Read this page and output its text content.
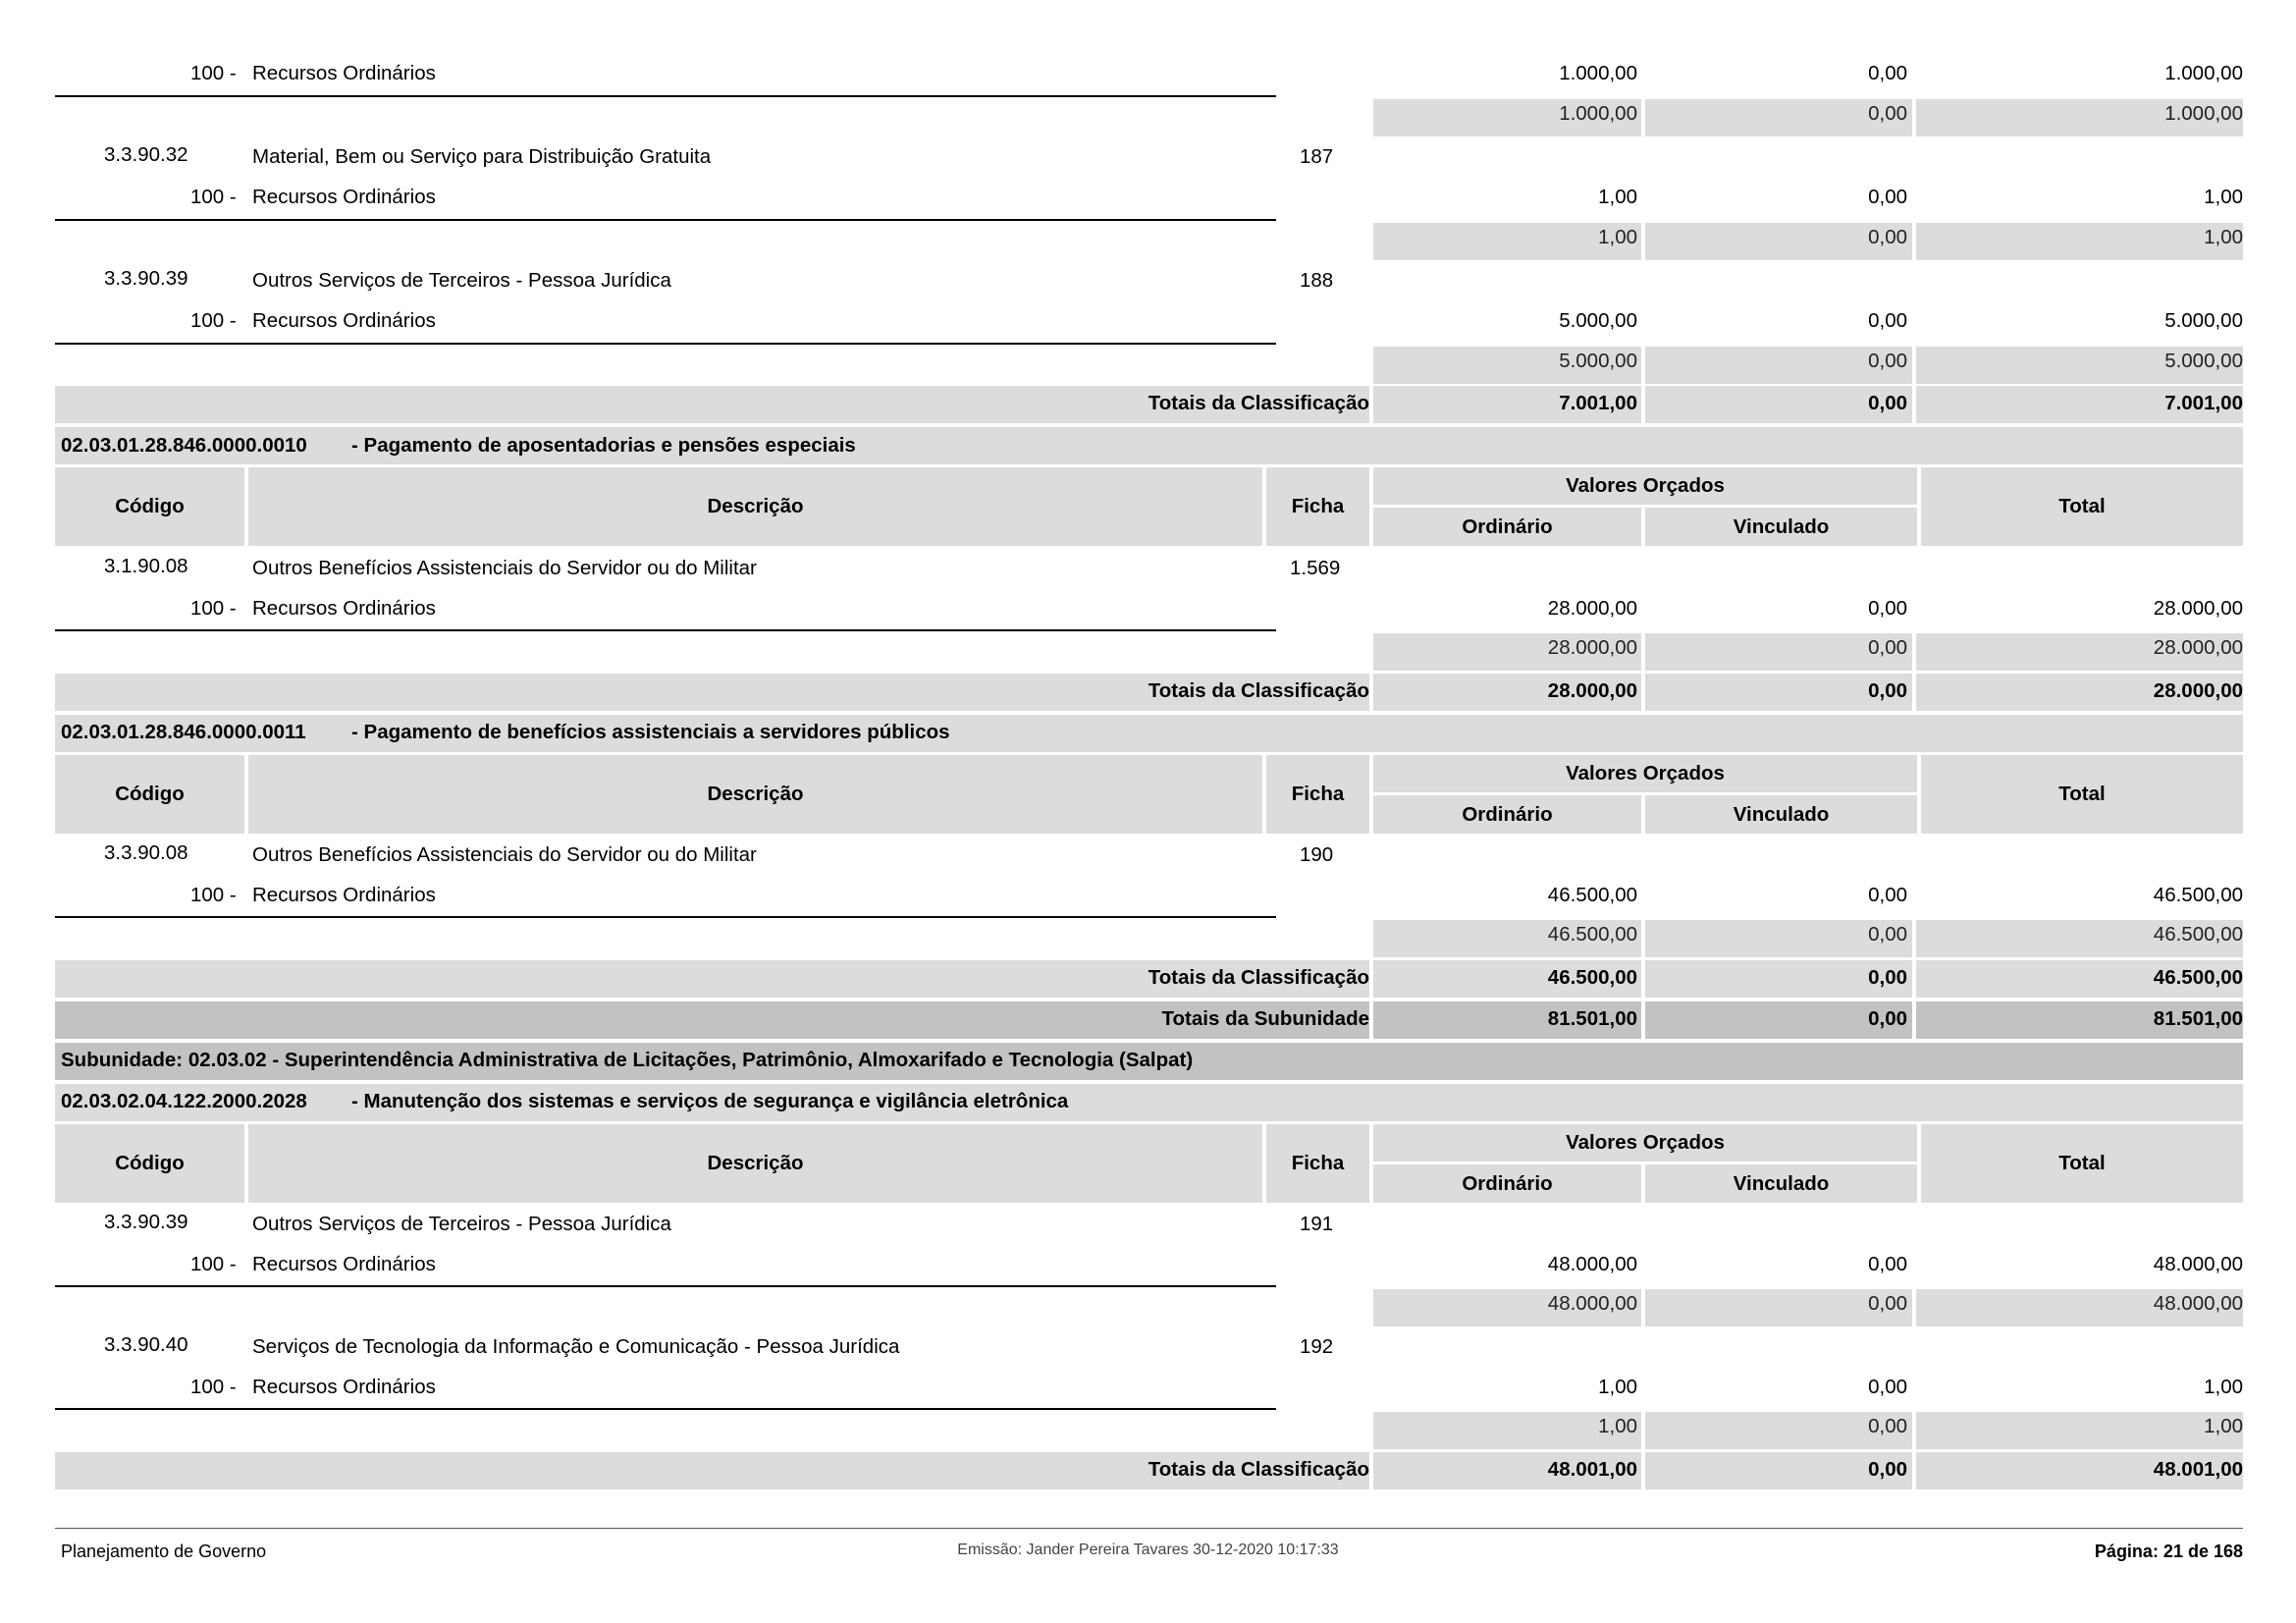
100 - Recursos Ordinários	1.000,00	0,00	1.000,00
1.000,00	0,00	1.000,00
3.3.90.32	Material, Bem ou Serviço para Distribuição Gratuita	187
100 - Recursos Ordinários	1,00	0,00	1,00
1,00	0,00	1,00
3.3.90.39	Outros Serviços de Terceiros - Pessoa Jurídica	188
100 - Recursos Ordinários	5.000,00	0,00	5.000,00
5.000,00	0,00	5.000,00
Totais da Classificação	7.001,00	0,00	7.001,00
02.03.01.28.846.0000.0010 - Pagamento de aposentadorias e pensões especiais
Código	Descrição	Ficha
Valores Orçados
Ordinário	Vinculado
Total
3.1.90.08	Outros Benefícios Assistenciais do Servidor ou do Militar	1.569
100 - Recursos Ordinários	28.000,00	0,00	28.000,00
28.000,00	0,00	28.000,00
Totais da Classificação	28.000,00	0,00	28.000,00
02.03.01.28.846.0000.0011 - Pagamento de benefícios assistenciais a servidores públicos
Código	Descrição	Ficha
Valores Orçados
Ordinário	Vinculado
Total
3.3.90.08	Outros Benefícios Assistenciais do Servidor ou do Militar	190
100 - Recursos Ordinários	46.500,00	0,00	46.500,00
46.500,00	0,00	46.500,00
Totais da Classificação	46.500,00	0,00	46.500,00
Totais da Subunidade	81.501,00	0,00	81.501,00
Subunidade: 02.03.02 - Superintendência Administrativa de Licitações, Patrimônio, Almoxarifado e Tecnologia (Salpat)
02.03.02.04.122.2000.2028 - Manutenção dos sistemas e serviços de segurança e vigilância eletrônica
Código	Descrição	Ficha
Valores Orçados
Ordinário	Vinculado
Total
3.3.90.39	Outros Serviços de Terceiros - Pessoa Jurídica	191
100 - Recursos Ordinários	48.000,00	0,00	48.000,00
48.000,00	0,00	48.000,00
3.3.90.40	Serviços de Tecnologia da Informação e Comunicação - Pessoa Jurídica	192
100 - Recursos Ordinários	1,00	0,00	1,00
1,00	0,00	1,00
Totais da Classificação	48.001,00	0,00	48.001,00
Planejamento de Governo	Emissão: Jander Pereira Tavares 30-12-2020 10:17:33	Página: 21 de 168
